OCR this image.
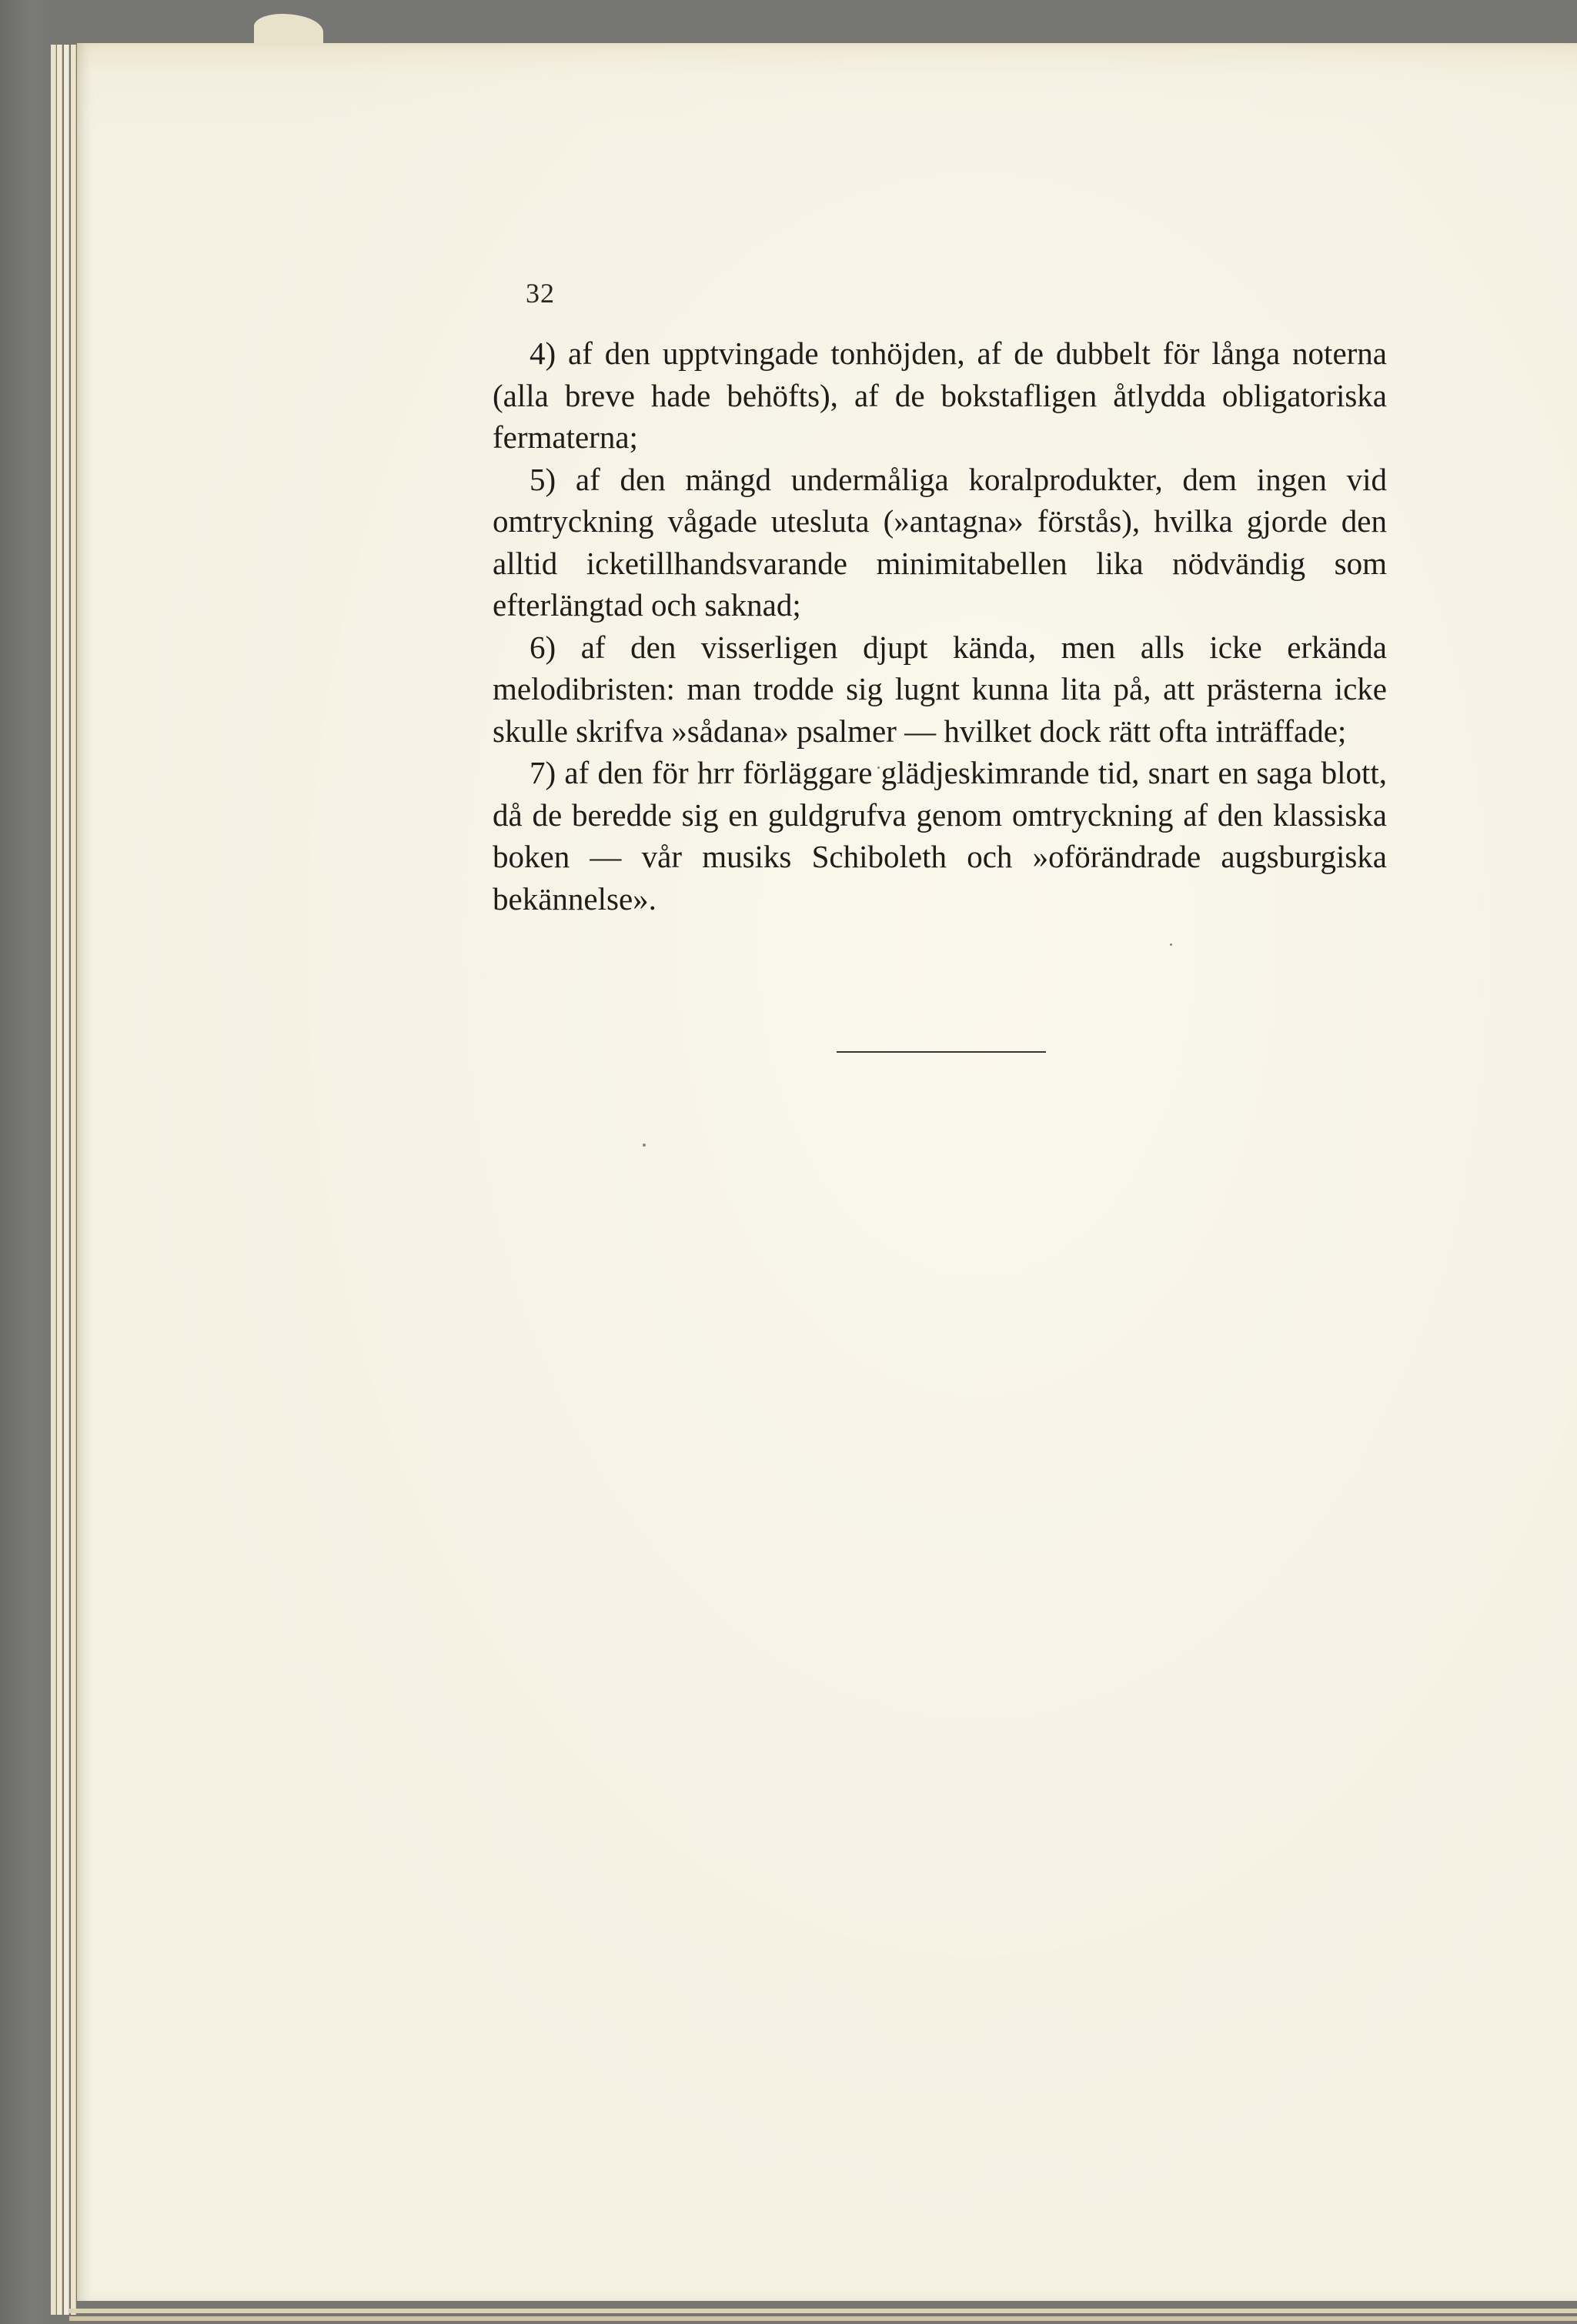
32

4) af den upptvingade tonhöjden, af de dubbelt för långa noterna (alla breve hade behöfts), af de bokstafligen åtlydda obligatoriska fermaterna;

5) af den mängd undermåliga koralprodukter, dem ingen vid omtryckning vågade utesluta (»antagna» förstås), hvilka gjorde den alltid icketillhandsvarande minimitabellen lika nödvändig som efterlängtad och saknad;

6) af den visserligen djupt kända, men alls icke erkända melodibristen: man trodde sig lugnt kunna lita på, att prästerna icke skulle skrifva »sådana» psalmer — hvilket dock rätt ofta inträffade;

7) af den för hrr förläggare glädjeskimrande tid, snart en saga blott, då de beredde sig en guldgrufva genom omtryckning af den klassiska boken — vår musiks Schiboleth och »oförändrade augsburgiska bekännelse».
